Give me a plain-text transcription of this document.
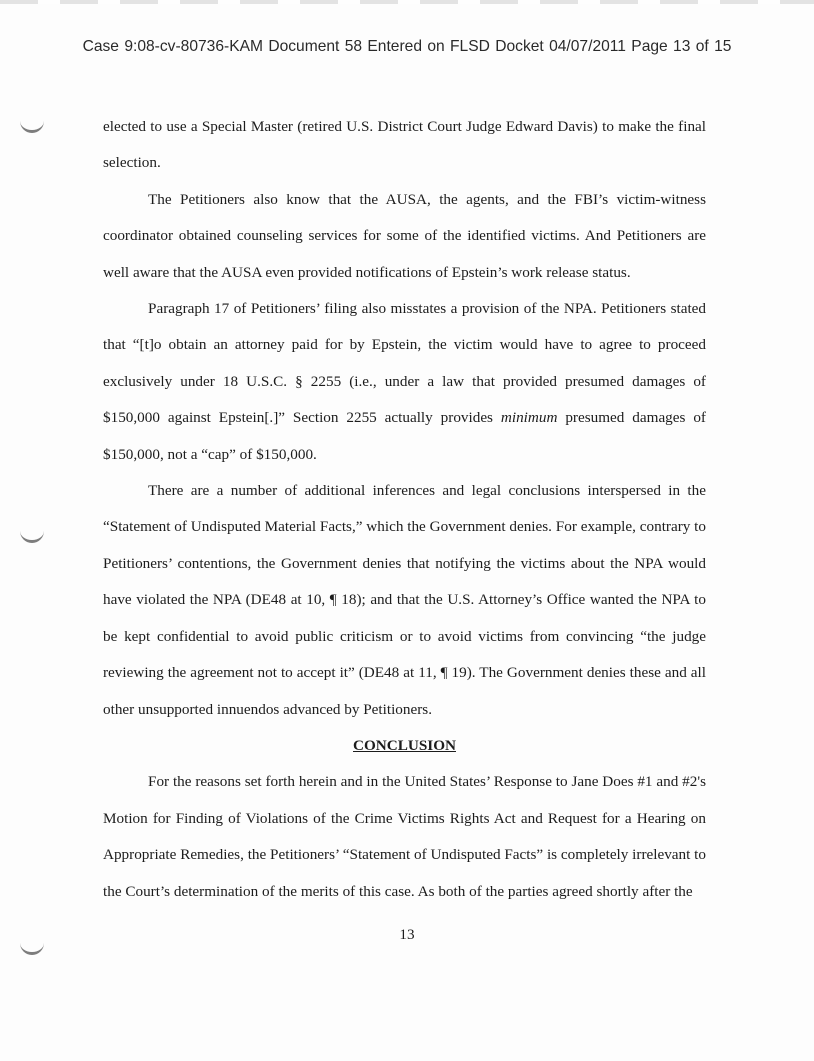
Case 9:08-cv-80736-KAM Document 58 Entered on FLSD Docket 04/07/2011 Page 13 of 15

elected to use a Special Master (retired U.S. District Court Judge Edward Davis) to make the final selection.

The Petitioners also know that the AUSA, the agents, and the FBI’s victim-witness coordinator obtained counseling services for some of the identified victims. And Petitioners are well aware that the AUSA even provided notifications of Epstein’s work release status.

Paragraph 17 of Petitioners’ filing also misstates a provision of the NPA. Petitioners stated that “[t]o obtain an attorney paid for by Epstein, the victim would have to agree to proceed exclusively under 18 U.S.C. § 2255 (i.e., under a law that provided presumed damages of $150,000 against Epstein[.]” Section 2255 actually provides minimum presumed damages of $150,000, not a “cap” of $150,000.

There are a number of additional inferences and legal conclusions interspersed in the “Statement of Undisputed Material Facts,” which the Government denies. For example, contrary to Petitioners’ contentions, the Government denies that notifying the victims about the NPA would have violated the NPA (DE48 at 10, ¶ 18); and that the U.S. Attorney’s Office wanted the NPA to be kept confidential to avoid public criticism or to avoid victims from convincing “the judge reviewing the agreement not to accept it” (DE48 at 11, ¶ 19). The Government denies these and all other unsupported innuendos advanced by Petitioners.

CONCLUSION

For the reasons set forth herein and in the United States’ Response to Jane Does #1 and #2's Motion for Finding of Violations of the Crime Victims Rights Act and Request for a Hearing on Appropriate Remedies, the Petitioners’ “Statement of Undisputed Facts” is completely irrelevant to the Court’s determination of the merits of this case. As both of the parties agreed shortly after the

13
